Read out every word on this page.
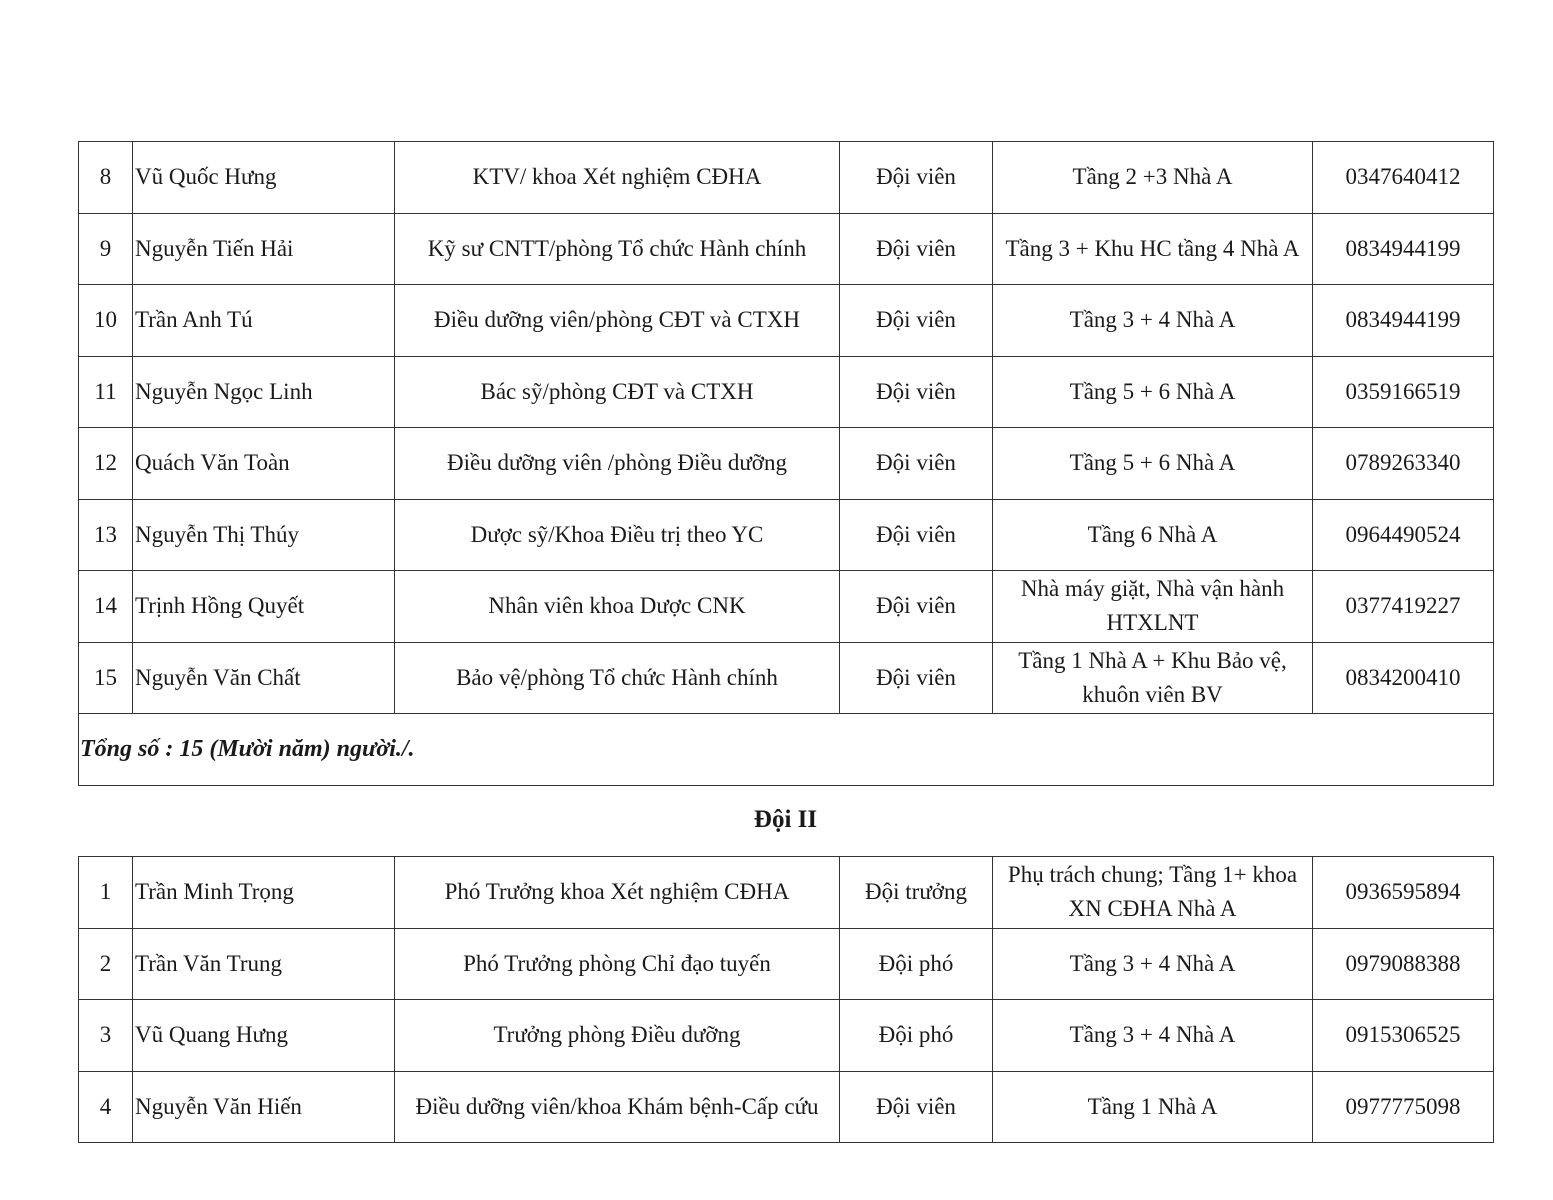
8	Vũ Quốc Hưng	KTV/ khoa Xét nghiệm CĐHA	Đội viên	Tầng 2 +3 Nhà A	0347640412
9	Nguyễn Tiến Hải	Kỹ sư CNTT/phòng Tổ chức Hành chính	Đội viên	Tầng 3 + Khu HC tầng 4 Nhà A	0834944199
10	Trần Anh Tú	Điều dưỡng viên/phòng CĐT và CTXH	Đội viên	Tầng 3 + 4 Nhà A	0834944199
11	Nguyễn Ngọc Linh	Bác sỹ/phòng CĐT và CTXH	Đội viên	Tầng 5 + 6 Nhà A	0359166519
12	Quách Văn Toàn	Điều dưỡng viên /phòng Điều dưỡng	Đội viên	Tầng 5 + 6 Nhà A	0789263340
13	Nguyễn Thị Thúy	Dược sỹ/Khoa Điều trị theo YC	Đội viên	Tầng 6 Nhà A	0964490524
14	Trịnh Hồng Quyết	Nhân viên khoa Dược CNK	Đội viên	Nhà máy giặt, Nhà vận hành HTXLNT	0377419227
15	Nguyễn Văn Chất	Bảo vệ/phòng Tổ chức Hành chính	Đội viên	Tầng 1 Nhà A + Khu Bảo vệ, khuôn viên BV	0834200410
Tổng số : 15 (Mười năm) người./.					
Đội II
1	Trần Minh Trọng	Phó Trưởng khoa Xét nghiệm CĐHA	Đội trưởng	Phụ trách chung; Tầng 1+ khoa XN CĐHA Nhà A	0936595894
2	Trần Văn Trung	Phó Trưởng phòng Chỉ đạo tuyến	Đội phó	Tầng 3 + 4 Nhà A	0979088388
3	Vũ Quang Hưng	Trưởng phòng Điều dưỡng	Đội phó	Tầng 3 + 4 Nhà A	0915306525
4	Nguyễn Văn Hiến	Điều dưỡng viên/khoa Khám bệnh-Cấp cứu	Đội viên	Tầng 1 Nhà A	0977775098
